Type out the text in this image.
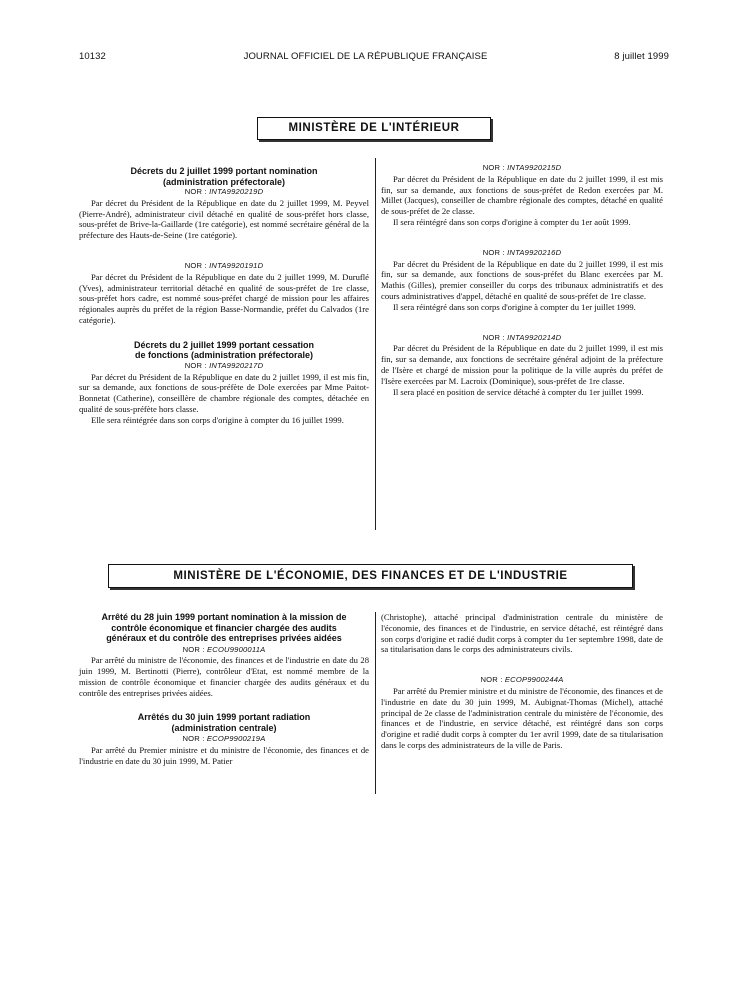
10132	JOURNAL OFFICIEL DE LA RÉPUBLIQUE FRANÇAISE	8 juillet 1999
MINISTÈRE DE L'INTÉRIEUR

Décrets du 2 juillet 1999 portant nomination
(administration préfectorale)

NOR : INTA9920219D

Par décret du Président de la République en date du 2 juillet 1999, M. Peyvel (Pierre-André), administrateur civil détaché en qualité de sous-préfet hors classe, sous-préfet de Brive-la-Gaillarde (1re catégorie), est nommé secrétaire général de la préfecture des Hauts-de-Seine (1re catégorie).

NOR : INTA9920191D

Par décret du Président de la République en date du 2 juillet 1999, M. Duruflé (Yves), administrateur territorial détaché en qualité de sous-préfet de 1re classe, sous-préfet hors cadre, est nommé sous-préfet chargé de mission pour les affaires régionales auprès du préfet de la région Basse-Normandie, préfet du Calvados (1re catégorie).

Décrets du 2 juillet 1999 portant cessation
de fonctions (administration préfectorale)

NOR : INTA9920217D

Par décret du Président de la République en date du 2 juillet 1999, il est mis fin, sur sa demande, aux fonctions de sous-préfète de Dole exercées par Mme Paitot-Bonnetat (Catherine), conseillère de chambre régionale des comptes, détachée en qualité de sous-préfète hors classe.

Elle sera réintégrée dans son corps d'origine à compter du 16 juillet 1999.

NOR : INTA9920215D

Par décret du Président de la République en date du 2 juillet 1999, il est mis fin, sur sa demande, aux fonctions de sous-préfet de Redon exercées par M. Millet (Jacques), conseiller de chambre régionale des comptes, détaché en qualité de sous-préfet de 2e classe.

Il sera réintégré dans son corps d'origine à compter du 1er août 1999.

NOR : INTA9920216D

Par décret du Président de la République en date du 2 juillet 1999, il est mis fin, sur sa demande, aux fonctions de sous-préfet du Blanc exercées par M. Mathis (Gilles), premier conseiller du corps des tribunaux administratifs et des cours administratives d'appel, détaché en qualité de sous-préfet de 1re classe.

Il sera réintégré dans son corps d'origine à compter du 1er juillet 1999.

NOR : INTA9920214D

Par décret du Président de la République en date du 2 juillet 1999, il est mis fin, sur sa demande, aux fonctions de secrétaire général adjoint de la préfecture de l'Isère et chargé de mission pour la politique de la ville auprès du préfet de l'Isère exercées par M. Lacroix (Dominique), sous-préfet de 1re classe.

Il sera placé en position de service détaché à compter du 1er juillet 1999.

MINISTÈRE DE L'ÉCONOMIE, DES FINANCES ET DE L'INDUSTRIE

Arrêté du 28 juin 1999 portant nomination à la mission de
contrôle économique et financier chargée des audits
généraux et du contrôle des entreprises privées aidées

NOR : ECOU9900011A

Par arrêté du ministre de l'économie, des finances et de l'industrie en date du 28 juin 1999, M. Bertinotti (Pierre), contrôleur d'Etat, est nommé membre de la mission de contrôle économique et financier chargée des audits généraux et du contrôle des entreprises privées aidées.

Arrêtés du 30 juin 1999 portant radiation
(administration centrale)

NOR : ECOP9900219A

Par arrêté du Premier ministre et du ministre de l'économie, des finances et de l'industrie en date du 30 juin 1999, M. Patier

(Christophe), attaché principal d'administration centrale du ministère de l'économie, des finances et de l'industrie, en service détaché, est réintégré dans son corps d'origine et radié dudit corps à compter du 1er septembre 1998, date de sa titularisation dans le corps des administrateurs civils.

NOR : ECOP9900244A

Par arrêté du Premier ministre et du ministre de l'économie, des finances et de l'industrie en date du 30 juin 1999, M. Aubignat-Thomas (Michel), attaché principal de 2e classe de l'administration centrale du ministère de l'économie, des finances et de l'industrie, en service détaché, est réintégré dans son corps d'origine et radié dudit corps à compter du 1er avril 1999, date de sa titularisation dans le corps des administrateurs de la ville de Paris.
